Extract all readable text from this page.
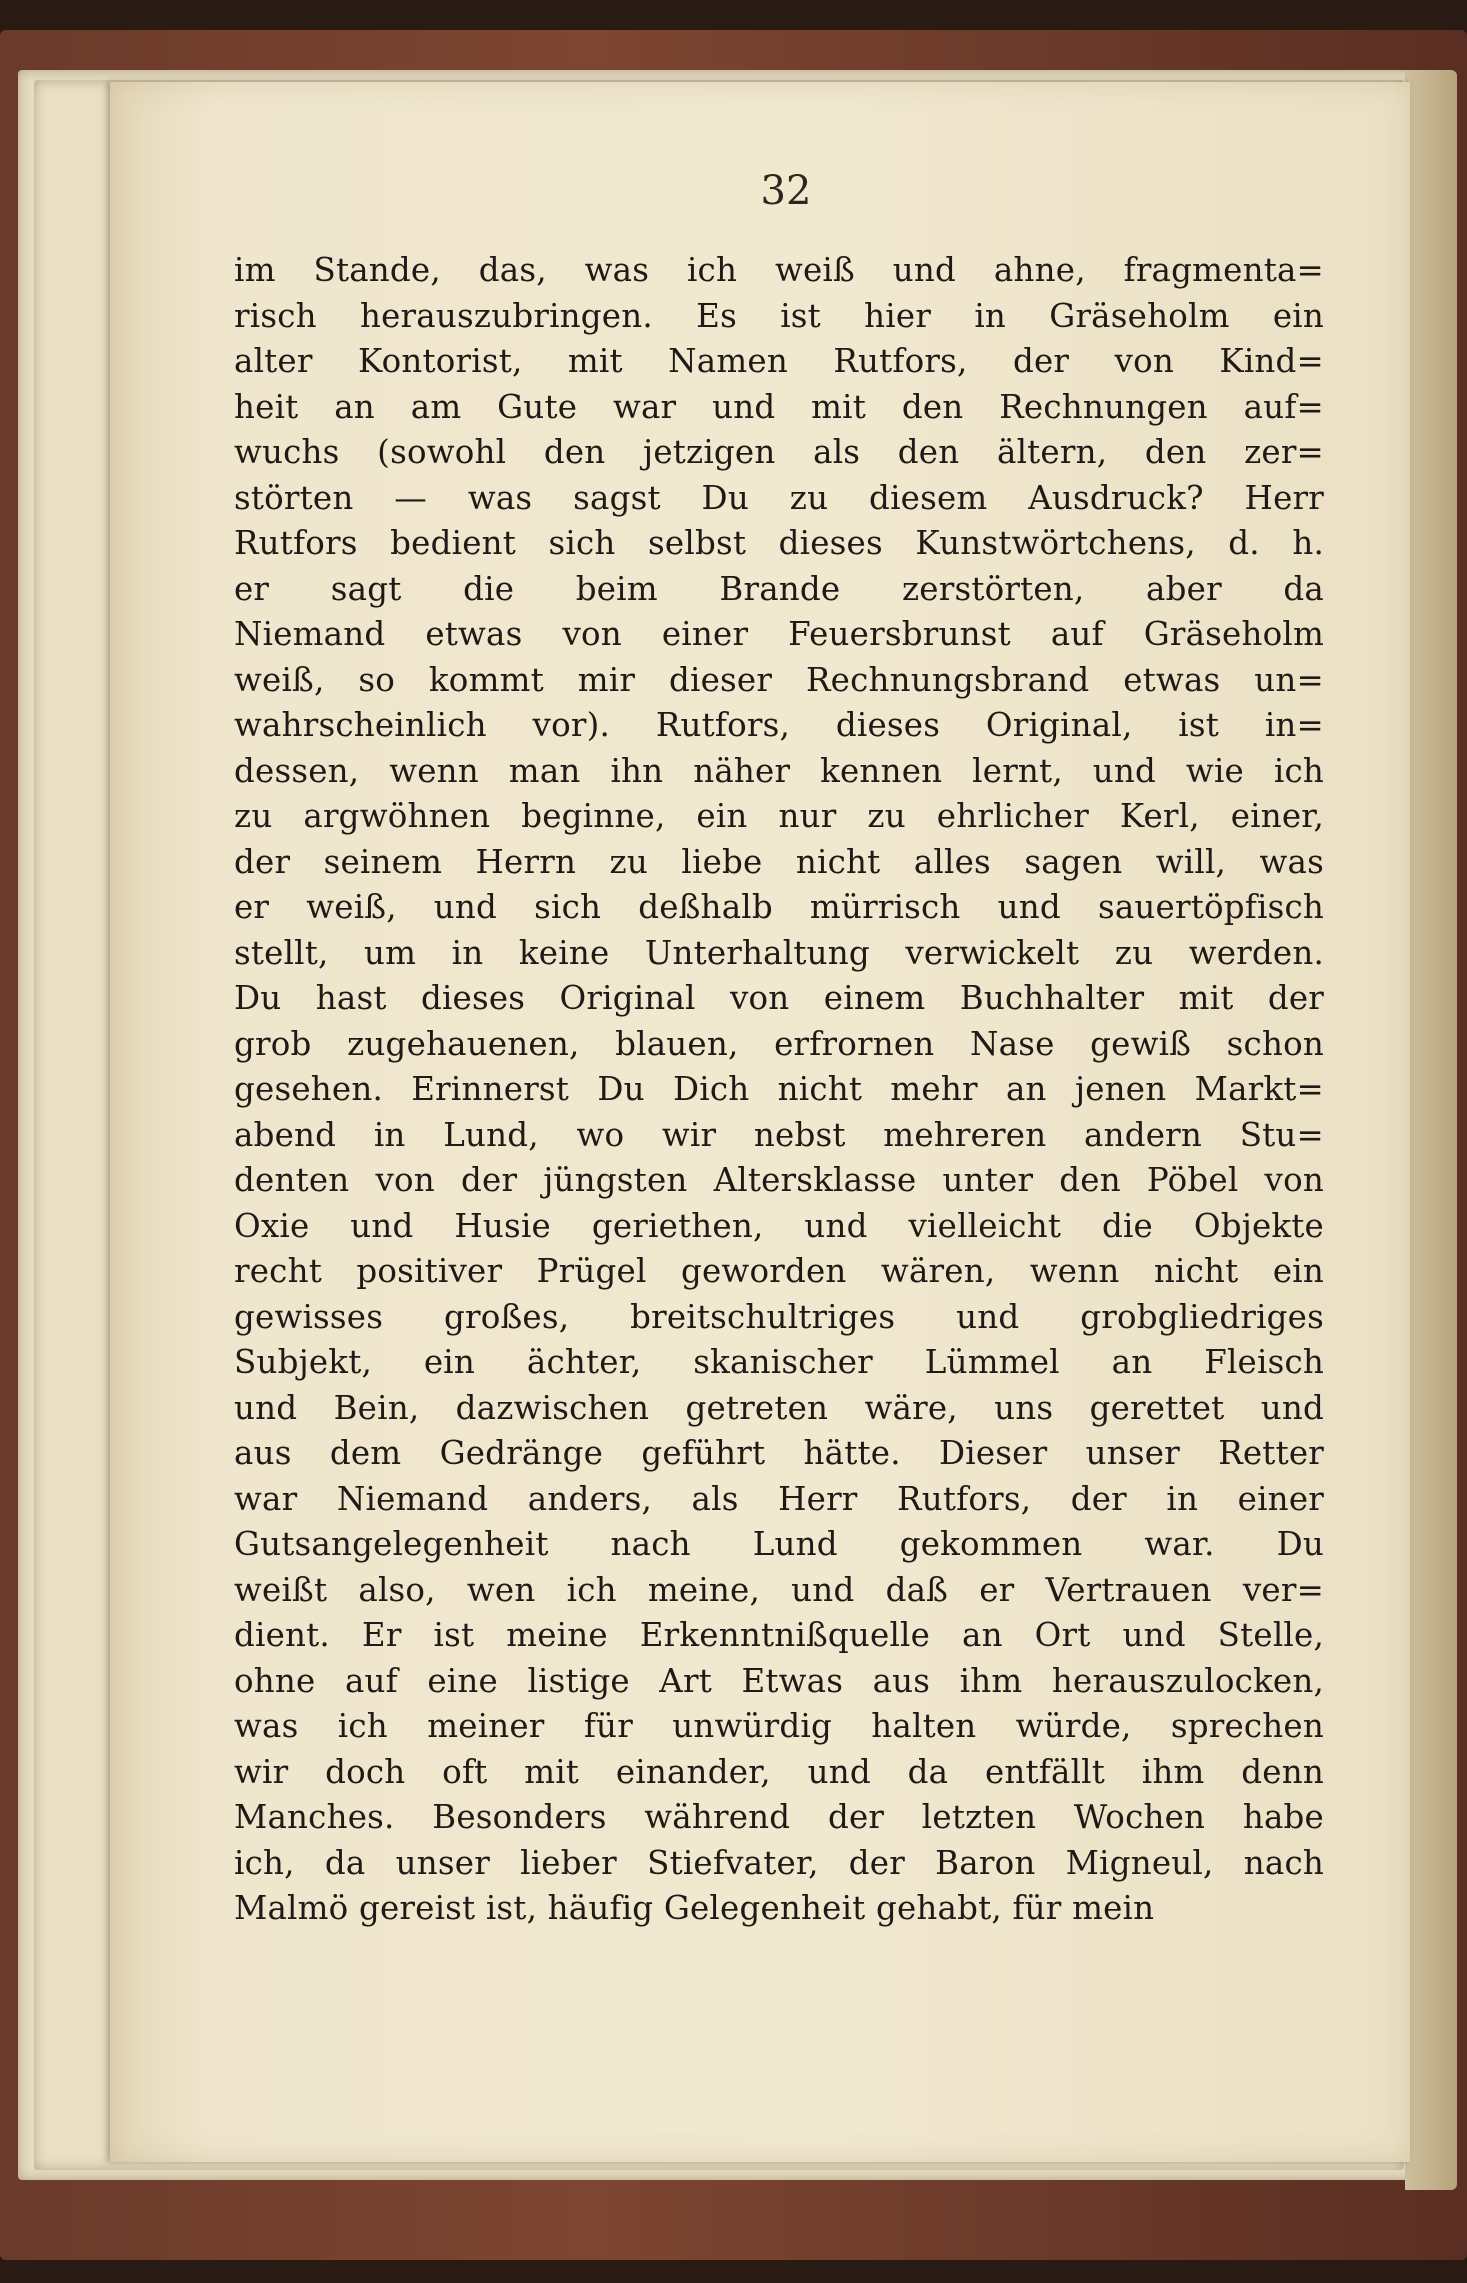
32
im Stande, das, was ich weiß und ahne, fragmenta=
risch herauszubringen. Es ist hier in Gräseholm ein
alter Kontorist, mit Namen Rutfors, der von Kind=
heit an am Gute war und mit den Rechnungen auf=
wuchs (sowohl den jetzigen als den ältern, den zer=
störten — was sagst Du zu diesem Ausdruck? Herr
Rutfors bedient sich selbst dieses Kunstwörtchens, d. h.
er sagt die beim Brande zerstörten, aber da
Niemand etwas von einer Feuersbrunst auf Gräseholm
weiß, so kommt mir dieser Rechnungsbrand etwas un=
wahrscheinlich vor). Rutfors, dieses Original, ist in=
dessen, wenn man ihn näher kennen lernt, und wie ich
zu argwöhnen beginne, ein nur zu ehrlicher Kerl, einer,
der seinem Herrn zu liebe nicht alles sagen will, was
er weiß, und sich deßhalb mürrisch und sauertöpfisch
stellt, um in keine Unterhaltung verwickelt zu werden.
Du hast dieses Original von einem Buchhalter mit der
grob zugehauenen, blauen, erfrornen Nase gewiß schon
gesehen. Erinnerst Du Dich nicht mehr an jenen Markt=
abend in Lund, wo wir nebst mehreren andern Stu=
denten von der jüngsten Altersklasse unter den Pöbel von
Oxie und Husie geriethen, und vielleicht die Objekte
recht positiver Prügel geworden wären, wenn nicht ein
gewisses großes, breitschultriges und grobgliedriges
Subjekt, ein ächter, skanischer Lümmel an Fleisch
und Bein, dazwischen getreten wäre, uns gerettet und
aus dem Gedränge geführt hätte. Dieser unser Retter
war Niemand anders, als Herr Rutfors, der in einer
Gutsangelegenheit nach Lund gekommen war. Du
weißt also, wen ich meine, und daß er Vertrauen ver=
dient. Er ist meine Erkenntnißquelle an Ort und Stelle,
ohne auf eine listige Art Etwas aus ihm herauszulocken,
was ich meiner für unwürdig halten würde, sprechen
wir doch oft mit einander, und da entfällt ihm denn
Manches. Besonders während der letzten Wochen habe
ich, da unser lieber Stiefvater, der Baron Migneul, nach
Malmö gereist ist, häufig Gelegenheit gehabt, für mein
